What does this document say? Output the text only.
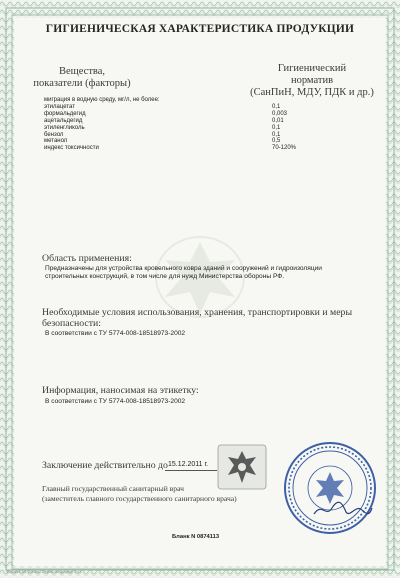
ГИГИЕНИЧЕСКАЯ ХАРАКТЕРИСТИКА ПРОДУКЦИИ
Вещества,
показатели (факторы)
Гигиенический
норматив
(СанПиН, МДУ, ПДК и др.)
миграция в водную среду, мг/л, не более:
этилацетат	0,1
формальдегид	0,003
ацетальдегид	0,01
этиленгликоль	0,1
бензол	0,1
метанол	0,5
индекс токсичности	70-120%
Область применения:
Предназначены для устройства кровельного ковра зданий и сооружений и гидроизоляции
строительных конструкций, в том числе для нужд Министерства обороны РФ.
Необходимые условия использования, хранения, транспортировки и меры
безопасности:
В соответствии с ТУ 5774-008-18518973-2002
Информация, наносимая на этикетку:
В соответствии с ТУ 5774-008-18518973-2002
Заключение действительно до 15.12.2011 г.
Главный государственный санитарный врач
(заместитель главного государственного санитарного врача)
Бланк N 0874113
Формат А4. Бланк. Серия по форме 1 ст.
